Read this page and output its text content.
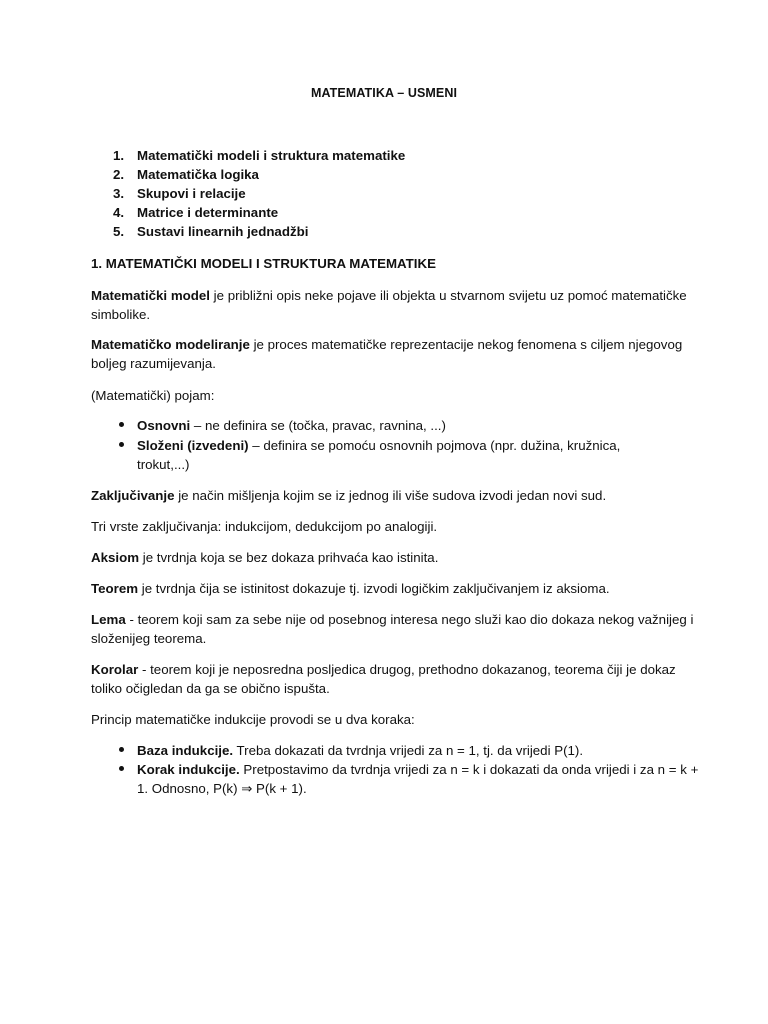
MATEMATIKA – USMENI
1. Matematički modeli i struktura matematike
2. Matematička logika
3. Skupovi i relacije
4. Matrice i determinante
5. Sustavi linearnih jednadžbi
1. MATEMATIČKI MODELI I STRUKTURA MATEMATIKE
Matematički model je približni opis neke pojave ili objekta u stvarnom svijetu uz pomoć matematičke
simbolike.
Matematičko modeliranje je proces matematičke reprezentacije nekog fenomena s ciljem njegovog
boljeg razumijevanja.
(Matematički) pojam:
Osnovni – ne definira se (točka, pravac, ravnina, ...)
Složeni (izvedeni) – definira se pomoću osnovnih pojmova (npr. dužina, kružnica,
trokut,...)
Zaključivanje je način mišljenja kojim se iz jednog ili više sudova izvodi jedan novi sud.
Tri vrste zaključivanja: indukcijom, dedukcijom po analogiji.
Aksiom je tvrdnja koja se bez dokaza prihvaća kao istinita.
Teorem je tvrdnja čija se istinitost dokazuje tj. izvodi logičkim zaključivanjem iz aksioma.
Lema - teorem koji sam za sebe nije od posebnog interesa nego služi kao dio dokaza nekog važnijeg i
složenijeg teorema.
Korolar - teorem koji je neposredna posljedica drugog, prethodno dokazanog, teorema čiji je dokaz
toliko očigledan da ga se obično ispušta.
Princip matematičke indukcije provodi se u dva koraka:
Baza indukcije. Treba dokazati da tvrdnja vrijedi za n = 1, tj. da vrijedi P(1).
Korak indukcije. Pretpostavimo da tvrdnja vrijedi za n = k i dokazati da onda vrijedi i za n = k +
1. Odnosno, P(k) ⇒ P(k + 1).
